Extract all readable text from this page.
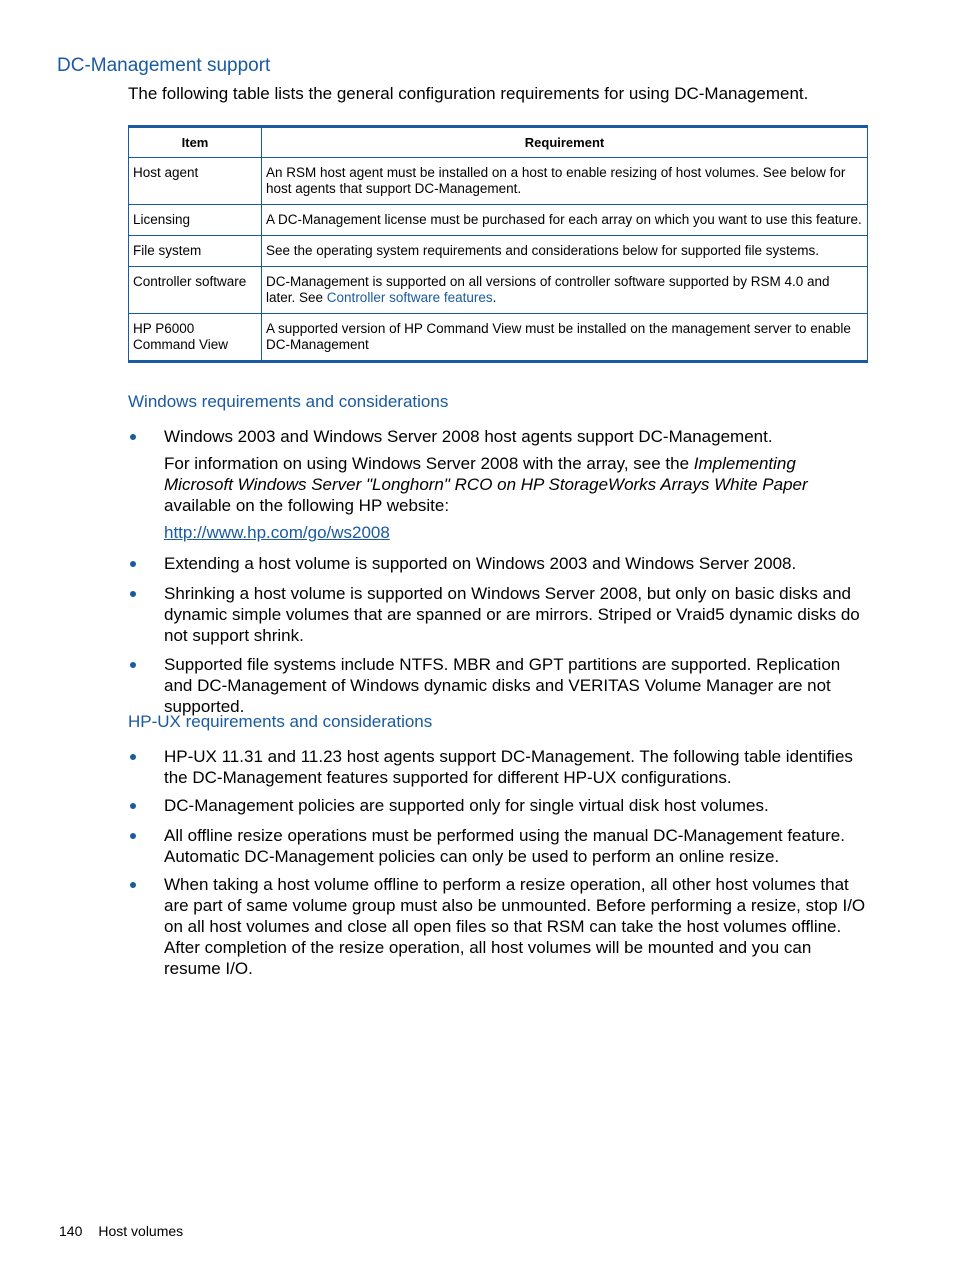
DC-Management support

The following table lists the general configuration requirements for using DC-Management.

Item	Requirement
Host agent	An RSM host agent must be installed on a host to enable resizing of host volumes. See below for host agents that support DC-Management.
Licensing	A DC-Management license must be purchased for each array on which you want to use this feature.
File system	See the operating system requirements and considerations below for supported file systems.
Controller software	DC-Management is supported on all versions of controller software supported by RSM 4.0 and later. See Controller software features.
HP P6000
Command View	A supported version of HP Command View must be installed on the management server to enable DC-Management
Windows requirements and considerations

Windows 2003 and Windows Server 2008 host agents support DC-Management.

For information on using Windows Server 2008 with the array, see the Implementing Microsoft Windows Server "Longhorn" RCO on HP StorageWorks Arrays White Paper available on the following HP website:

http://www.hp.com/go/ws2008

Extending a host volume is supported on Windows 2003 and Windows Server 2008.

Shrinking a host volume is supported on Windows Server 2008, but only on basic disks and dynamic simple volumes that are spanned or are mirrors. Striped or Vraid5 dynamic disks do not support shrink.

Supported file systems include NTFS. MBR and GPT partitions are supported. Replication and DC-Management of Windows dynamic disks and VERITAS Volume Manager are not supported.

HP-UX requirements and considerations

HP-UX 11.31 and 11.23 host agents support DC-Management. The following table identifies the DC-Management features supported for different HP-UX configurations.

DC-Management policies are supported only for single virtual disk host volumes.

All offline resize operations must be performed using the manual DC-Management feature. Automatic DC-Management policies can only be used to perform an online resize.

When taking a host volume offline to perform a resize operation, all other host volumes that are part of same volume group must also be unmounted. Before performing a resize, stop I/O on all host volumes and close all open files so that RSM can take the host volumes offline. After completion of the resize operation, all host volumes will be mounted and you can resume I/O.

140 Host volumes
